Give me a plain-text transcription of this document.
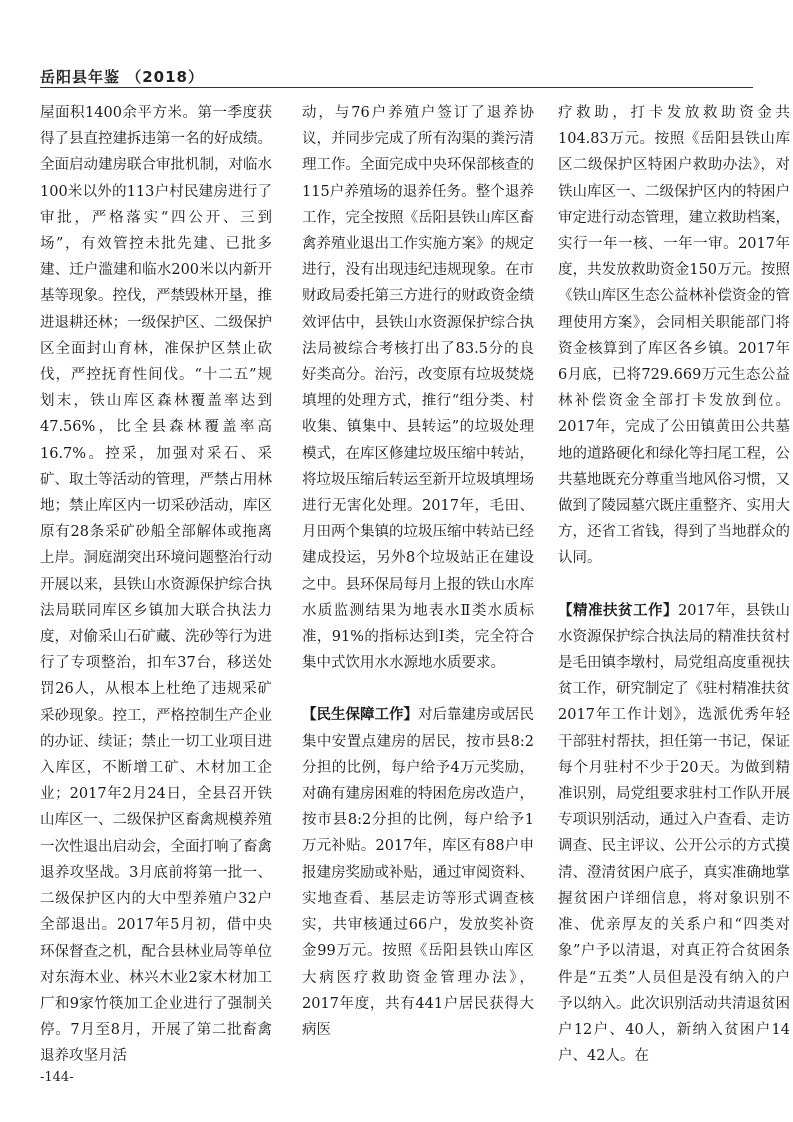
岳阳县年鉴 （2018）

屋面积1400余平方米。第一季度获得了县直控建拆违第一名的好成绩。全面启动建房联合审批机制，对临水100米以外的113户村民建房进行了审批，严格落实“四公开、三到场”，有效管控未批先建、已批多建、迁户滥建和临水200米以内新开基等现象。控伐，严禁毁林开垦，推进退耕还林；一级保护区、二级保护区全面封山育林，准保护区禁止砍伐，严控抚育性间伐。“十二五”规划末，铁山库区森林覆盖率达到47.56%，比全县森林覆盖率高16.7%。控采，加强对采石、采矿、取土等活动的管理，严禁占用林地；禁止库区内一切采砂活动，库区原有28条采矿砂船全部解体或拖离上岸。洞庭湖突出环境问题整治行动开展以来，县铁山水资源保护综合执法局联同库区乡镇加大联合执法力度，对偷采山石矿藏、洗砂等行为进行了专项整治，扣车37台，移送处罚26人，从根本上杜绝了违规采矿采砂现象。控工，严格控制生产企业的办证、续证；禁止一切工业项目进入库区，不断增工矿、木材加工企业；2017年2月24日，全县召开铁山库区一、二级保护区畜禽规模养殖一次性退出启动会，全面打响了畜禽退养攻坚战。3月底前将第一批一、二级保护区内的大中型养殖户32户全部退出。2017年5月初，借中央环保督查之机，配合县林业局等单位对东海木业、林兴木业2家木材加工厂和9家竹筷加工企业进行了强制关停。7月至8月，开展了第二批畜禽退养攻坚月活

动，与76户养殖户签订了退养协议，并同步完成了所有沟渠的粪污清理工作。全面完成中央环保部核查的115户养殖场的退养任务。整个退养工作，完全按照《岳阳县铁山库区畜禽养殖业退出工作实施方案》的规定进行，没有出现违纪违规现象。在市财政局委托第三方进行的财政资金绩效评估中，县铁山水资源保护综合执法局被综合考核打出了83.5分的良好类高分。治污，改变原有垃圾焚烧填埋的处理方式，推行“组分类、村收集、镇集中、县转运”的垃圾处理模式，在库区修建垃圾压缩中转站，将垃圾压缩后转运至新开垃圾填埋场进行无害化处理。2017年，毛田、月田两个集镇的垃圾压缩中转站已经建成投运，另外8个垃圾站正在建设之中。县环保局每月上报的铁山水库水质监测结果为地表水Ⅱ类水质标准，91%的指标达到Ⅰ类，完全符合集中式饮用水水源地水质要求。

【民生保障工作】对后靠建房或居民集中安置点建房的居民，按市县8:2分担的比例，每户给予4万元奖励，对确有建房困难的特困危房改造户，按市县8:2分担的比例，每户给予1万元补贴。2017年，库区有88户申报建房奖励或补贴，通过审阅资料、实地查看、基层走访等形式调查核实，共审核通过66户，发放奖补资金99万元。按照《岳阳县铁山库区大病医疗救助资金管理办法》，2017年度，共有441户居民获得大病医

疗救助，打卡发放救助资金共104.83万元。按照《岳阳县铁山库区二级保护区特困户救助办法》，对铁山库区一、二级保护区内的特困户审定进行动态管理，建立救助档案，实行一年一核、一年一审。2017年度，共发放救助资金150万元。按照《铁山库区生态公益林补偿资金的管理使用方案》，会同相关职能部门将资金核算到了库区各乡镇。2017年6月底，已将729.669万元生态公益林补偿资金全部打卡发放到位。2017年，完成了公田镇黄田公共墓地的道路硬化和绿化等扫尾工程，公共墓地既充分尊重当地风俗习惯，又做到了陵园墓穴既庄重整齐、实用大方，还省工省钱，得到了当地群众的认同。

【精准扶贫工作】2017年，县铁山水资源保护综合执法局的精准扶贫村是毛田镇李墩村，局党组高度重视扶贫工作，研究制定了《驻村精准扶贫2017年工作计划》，选派优秀年轻干部驻村帮扶，担任第一书记，保证每个月驻村不少于20天。为做到精准识别，局党组要求驻村工作队开展专项识别活动，通过入户查看、走访调查、民主评议、公开公示的方式摸清、澄清贫困户底子，真实准确地掌握贫困户详细信息，将对象识别不准、优亲厚友的关系户和“四类对象”户予以清退，对真正符合贫困条件是“五类”人员但是没有纳入的户予以纳入。此次识别活动共清退贫困户12户、40人，新纳入贫困户14户、42人。在

-144-
